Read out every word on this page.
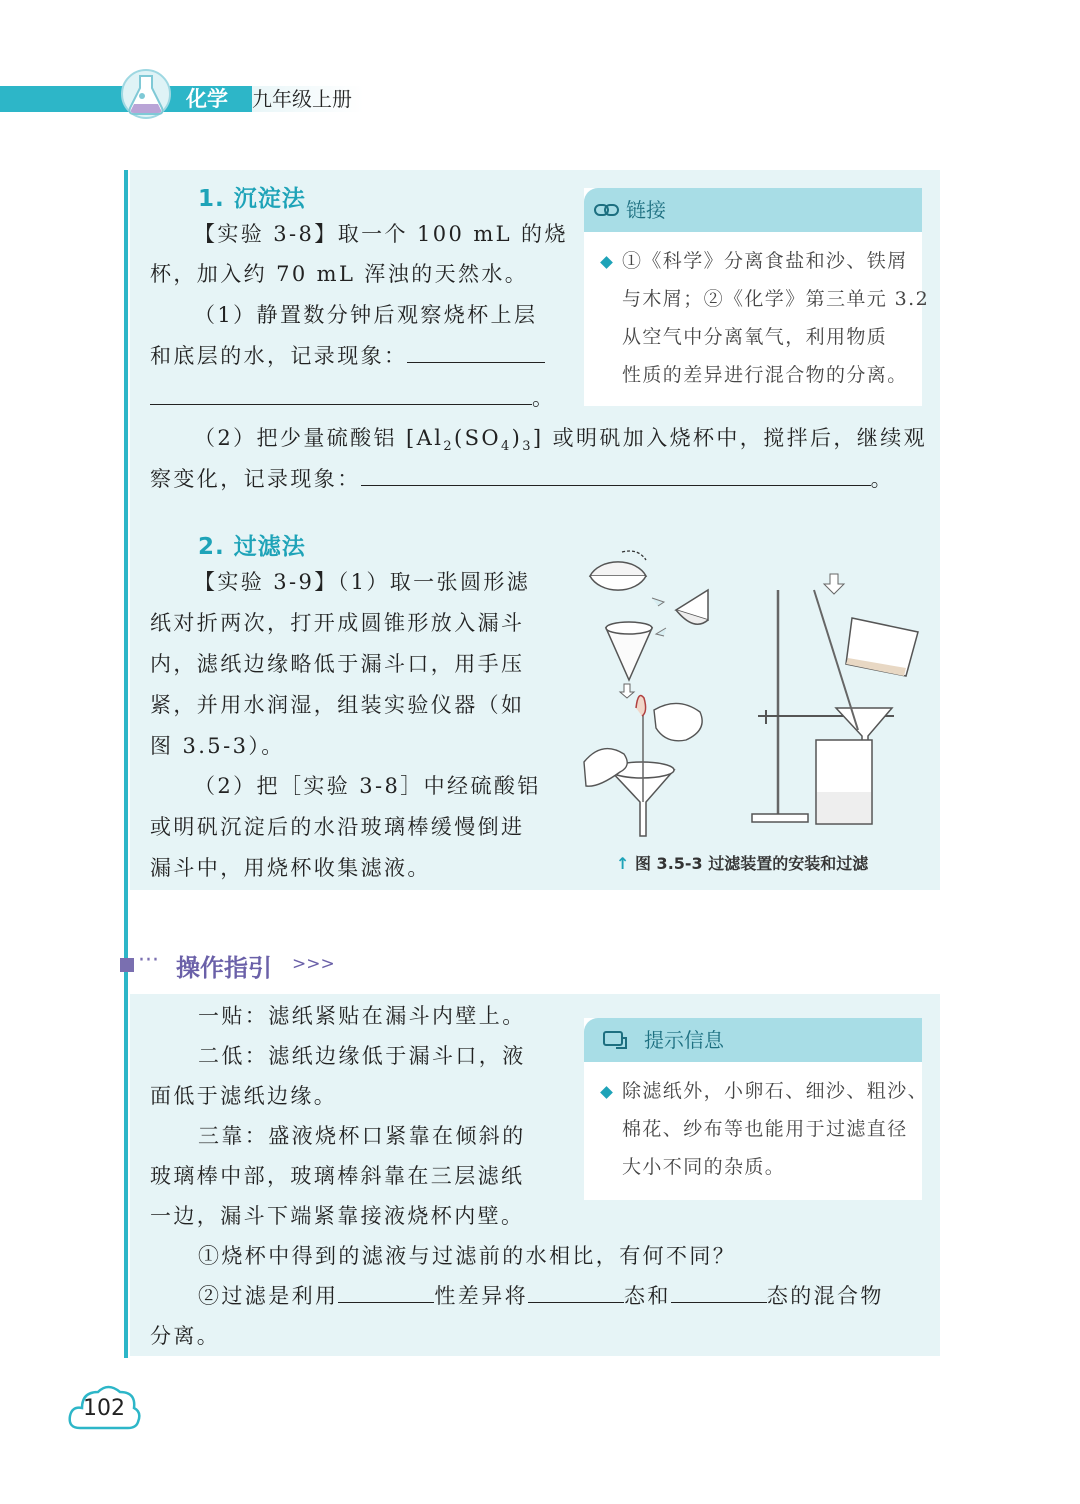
化学 九年级上册
1. 沉淀法
【实验 3-8】取一个 100 mL 的烧
杯，加入约 70 mL 浑浊的天然水。
（1）静置数分钟后观察烧杯上层
和底层的水，记录现象：
。
（2）把少量硫酸铝 $[Al_2(SO_4)_3]$ 或明矾加入烧杯中，搅拌后，继续观
察变化，记录现象：	。
链接
①《科学》分离食盐和沙、铁屑
与木屑；②《化学》第三单元 3.2
从空气中分离氧气，利用物质
性质的差异进行混合物的分离。
2. 过滤法
【实验 3-9】（1）取一张圆形滤
纸对折两次，打开成圆锥形放入漏斗
内，滤纸边缘略低于漏斗口，用手压
紧，并用水润湿，组装实验仪器（如
图 3.5-3）。
（2）把［实验 3-8］中经硫酸铝
或明矾沉淀后的水沿玻璃棒缓慢倒进
漏斗中，用烧杯收集滤液。	↑ 图 3.5-3 过滤装置的安装和过滤
··· 操作指引 >>>
一贴：滤纸紧贴在漏斗内壁上。
二低：滤纸边缘低于漏斗口，液
面低于滤纸边缘。
三靠：盛液烧杯口紧靠在倾斜的
玻璃棒中部，玻璃棒斜靠在三层滤纸
一边，漏斗下端紧靠接液烧杯内壁。
①烧杯中得到的滤液与过滤前的水相比，有何不同？
②过滤是利用	性差异将	态和	态的混合物
分离。
提示信息
除滤纸外，小卵石、细沙、粗沙、
棉花、纱布等也能用于过滤直径
大小不同的杂质。
102
